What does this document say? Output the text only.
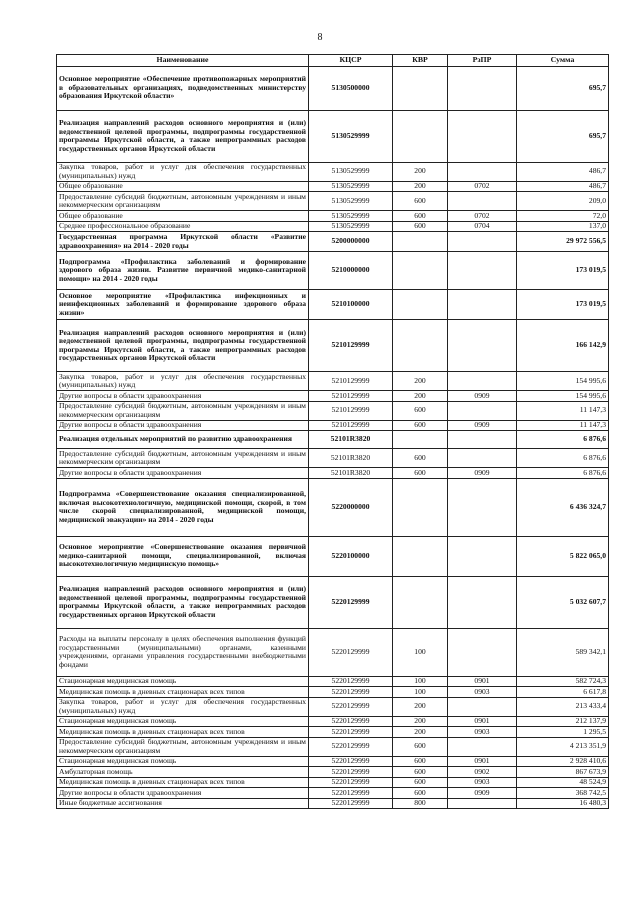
8
Наименование	КЦСР	КВР	РзПР	Сумма
Основное мероприятие «Обеспечение противопожарных мероприятий в образовательных организациях, подведомственных министерству образования Иркутской области»	5130500000			695,7
Реализация направлений расходов основного мероприятия и (или) ведомственной целевой программы, подпрограммы государственной программы Иркутской области, а также непрограммных расходов государственных органов Иркутской области	5130529999			695,7
Закупка товаров, работ и услуг для обеспечения государственных (муниципальных) нужд	5130529999	200		486,7
Общее образование	5130529999	200	0702	486,7
Предоставление субсидий бюджетным, автономным учреждениям и иным некоммерческим организациям	5130529999	600		209,0
Общее образование	5130529999	600	0702	72,0
Среднее профессиональное образование	5130529999	600	0704	137,0
Государственная программа Иркутской области «Развитие здравоохранения» на 2014 - 2020 годы	5200000000			29 972 556,5
Подпрограмма «Профилактика заболеваний и формирование здорового образа жизни. Развитие первичной медико-санитарной помощи» на 2014 - 2020 годы	5210000000			173 019,5
Основное мероприятие «Профилактика инфекционных и неинфекционных заболеваний и формирование здорового образа жизни»	5210100000			173 019,5
Реализация направлений расходов основного мероприятия и (или) ведомственной целевой программы, подпрограммы государственной программы Иркутской области, а также непрограммных расходов государственных органов Иркутской области	5210129999			166 142,9
Закупка товаров, работ и услуг для обеспечения государственных (муниципальных) нужд	5210129999	200		154 995,6
Другие вопросы в области здравоохранения	5210129999	200	0909	154 995,6
Предоставление субсидий бюджетным, автономным учреждениям и иным некоммерческим организациям	5210129999	600		11 147,3
Другие вопросы в области здравоохранения	5210129999	600	0909	11 147,3
Реализация отдельных мероприятий по развитию здравоохранения	52101R3820			6 876,6
Предоставление субсидий бюджетным, автономным учреждениям и иным некоммерческим организациям	52101R3820	600		6 876,6
Другие вопросы в области здравоохранения	52101R3820	600	0909	6 876,6
Подпрограмма «Совершенствование оказания специализированной, включая высокотехнологичную, медицинской помощи, скорой, в том числе скорой специализированной, медицинской помощи, медицинской эвакуации» на 2014 - 2020 годы	5220000000			6 436 324,7
Основное мероприятие «Совершенствование оказания первичной медико-санитарной помощи, специализированной, включая высокотехнологичную медицинскую помощь»	5220100000			5 822 065,0
Реализация направлений расходов основного мероприятия и (или) ведомственной целевой программы, подпрограммы государственной программы Иркутской области, а также непрограммных расходов государственных органов Иркутской области	5220129999			5 032 607,7
Расходы на выплаты персоналу в целях обеспечения выполнения функций государственными (муниципальными) органами, казенными учреждениями, органами управления государственными внебюджетными фондами	5220129999	100		589 342,1
Стационарная медицинская помощь	5220129999	100	0901	582 724,3
Медицинская помощь в дневных стационарах всех типов	5220129999	100	0903	6 617,8
Закупка товаров, работ и услуг для обеспечения государственных (муниципальных) нужд	5220129999	200		213 433,4
Стационарная медицинская помощь	5220129999	200	0901	212 137,9
Медицинская помощь в дневных стационарах всех типов	5220129999	200	0903	1 295,5
Предоставление субсидий бюджетным, автономным учреждениям и иным некоммерческим организациям	5220129999	600		4 213 351,9
Стационарная медицинская помощь	5220129999	600	0901	2 928 410,6
Амбулаторная помощь	5220129999	600	0902	867 673,9
Медицинская помощь в дневных стационарах всех типов	5220129999	600	0903	48 524,9
Другие вопросы в области здравоохранения	5220129999	600	0909	368 742,5
Иные бюджетные ассигнования	5220129999	800		16 480,3
